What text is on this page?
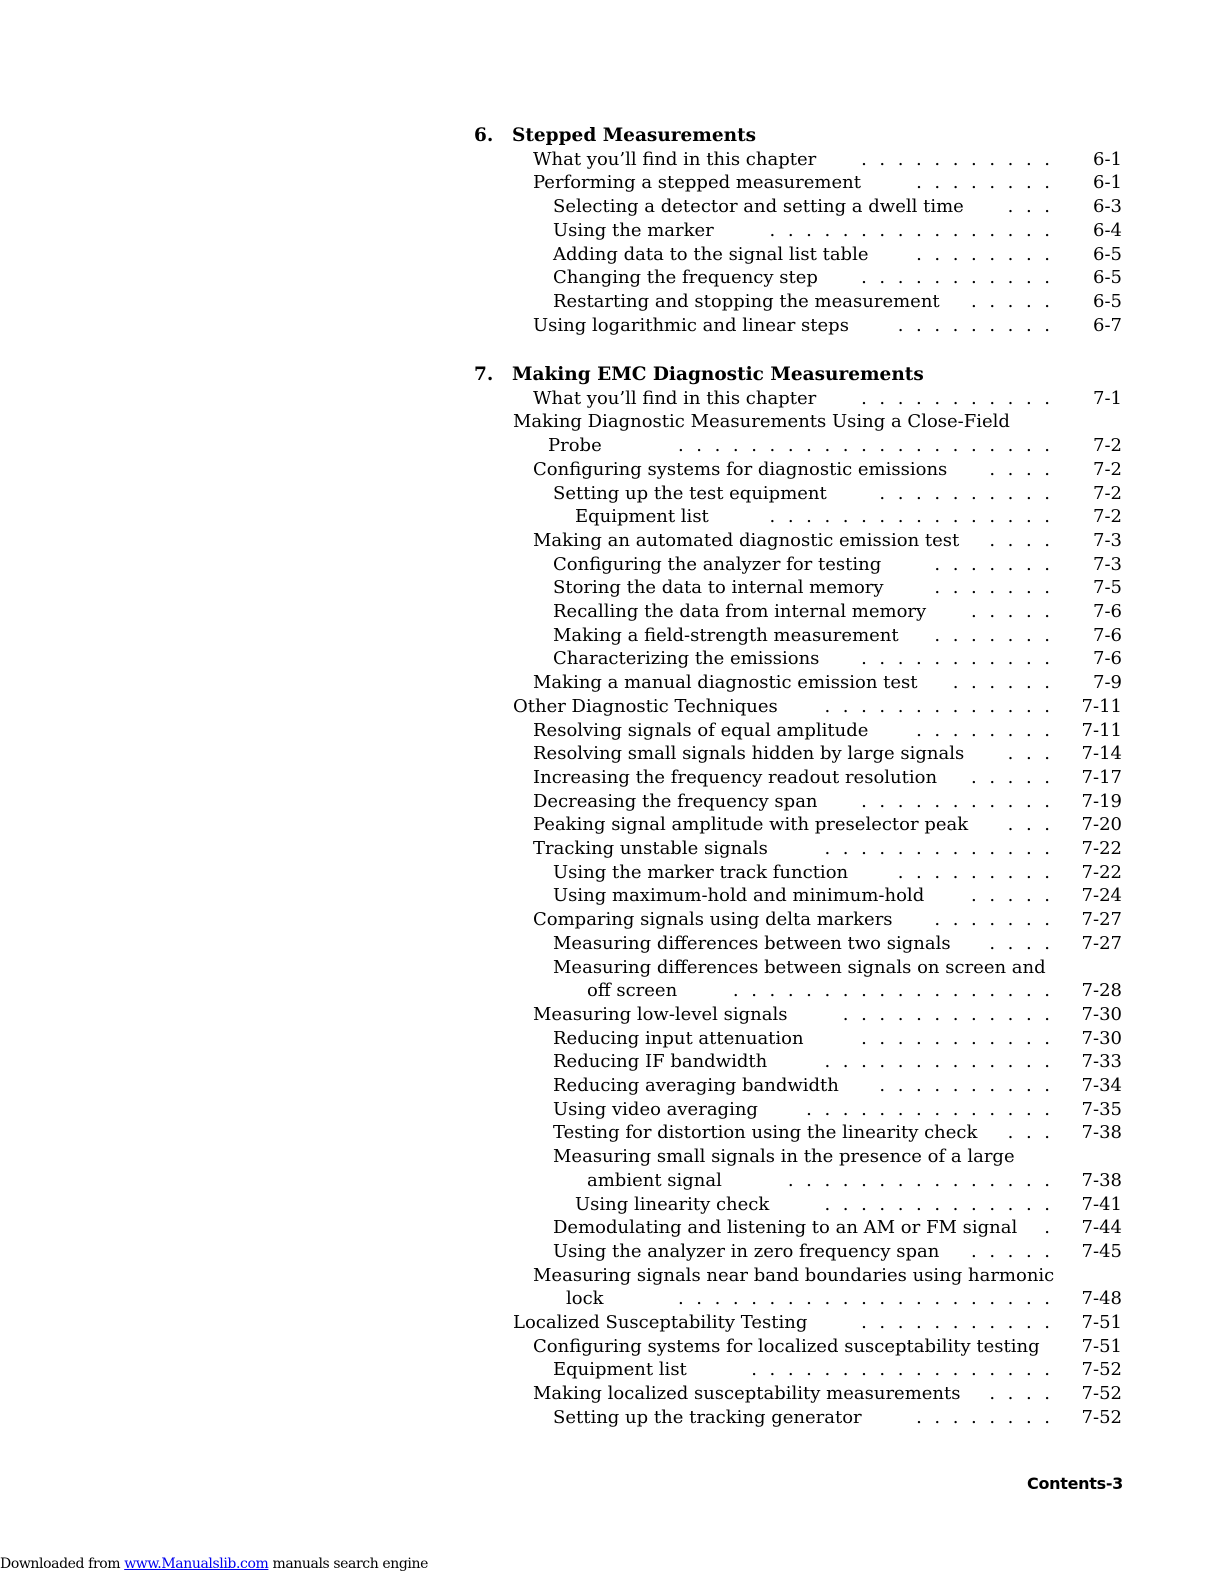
6. Stepped Measurements
What you’ll find in this chapter	6-1
.  .  .  .  .  .  .  .  .  .  .
Performing a stepped measurement	6-1
.  .  .  .  .  .  .  .
Selecting a detector and setting a dwell time	6-3
.  .  .
Using the marker	6-4
.  .  .  .  .  .  .  .  .  .  .  .  .  .  .  .
Adding data to the signal list table	6-5
.  .  .  .  .  .  .  .
Changing the frequency step	6-5
.  .  .  .  .  .  .  .  .  .  .
Restarting and stopping the measurement	6-5
.  .  .  .  .
Using logarithmic and linear steps	6-7
.  .  .  .  .  .  .  .  .
7. Making EMC Diagnostic Measurements
What you’ll find in this chapter	7-1
.  .  .  .  .  .  .  .  .  .  .
Making Diagnostic Measurements Using a Close-Field
Probe	7-2
.  .  .  .  .  .  .  .  .  .  .  .  .  .  .  .  .  .  .  .  .
Configuring systems for diagnostic emissions	7-2
.  .  .  .
Setting up the test equipment	7-2
.  .  .  .  .  .  .  .  .  .
Equipment list	7-2
.  .  .  .  .  .  .  .  .  .  .  .  .  .  .  .
Making an automated diagnostic emission test	7-3
.  .  .  .
Configuring the analyzer for testing	7-3
.  .  .  .  .  .  .
Storing the data to internal memory	7-5
.  .  .  .  .  .  .
Recalling the data from internal memory	7-6
.  .  .  .  .
Making a field-strength measurement	7-6
.  .  .  .  .  .  .
Characterizing the emissions	7-6
.  .  .  .  .  .  .  .  .  .  .
Making a manual diagnostic emission test	7-9
.  .  .  .  .  .
Other Diagnostic Techniques	7-11
.  .  .  .  .  .  .  .  .  .  .  .  .
Resolving signals of equal amplitude	7-11
.  .  .  .  .  .  .  .
Resolving small signals hidden by large signals	7-14
.  .  .
Increasing the frequency readout resolution	7-17
.  .  .  .  .
Decreasing the frequency span	7-19
.  .  .  .  .  .  .  .  .  .  .
Peaking signal amplitude with preselector peak	7-20
.  .  .
Tracking unstable signals	7-22
.  .  .  .  .  .  .  .  .  .  .  .  .
Using the marker track function	7-22
.  .  .  .  .  .  .  .  .
Using maximum-hold and minimum-hold	7-24
.  .  .  .  .
Comparing signals using delta markers	7-27
.  .  .  .  .  .  .
Measuring differences between two signals	7-27
.  .  .  .
Measuring differences between signals on screen and
off screen	7-28
.  .  .  .  .  .  .  .  .  .  .  .  .  .  .  .  .  .
Measuring low-level signals	7-30
.  .  .  .  .  .  .  .  .  .  .  .
Reducing input attenuation	7-30
.  .  .  .  .  .  .  .  .  .  .
Reducing IF bandwidth	7-33
.  .  .  .  .  .  .  .  .  .  .  .  .
Reducing averaging bandwidth	7-34
.  .  .  .  .  .  .  .  .  .
Using video averaging	7-35
.  .  .  .  .  .  .  .  .  .  .  .  .  .
Testing for distortion using the linearity check	7-38
.  .  .
Measuring small signals in the presence of a large
ambient signal	7-38
.  .  .  .  .  .  .  .  .  .  .  .  .  .  .
Using linearity check	7-41
.  .  .  .  .  .  .  .  .  .  .  .  .
Demodulating and listening to an AM or FM signal	7-44
.
Using the analyzer in zero frequency span	7-45
.  .  .  .  .
Measuring signals near band boundaries using harmonic
lock	7-48
.  .  .  .  .  .  .  .  .  .  .  .  .  .  .  .  .  .  .  .  .
Localized Susceptability Testing	7-51
.  .  .  .  .  .  .  .  .  .  .
Configuring systems for localized susceptability testing	7-51
Equipment list	7-52
.  .  .  .  .  .  .  .  .  .  .  .  .  .  .  .  .
Making localized susceptability measurements	7-52
.  .  .  .
Setting up the tracking generator	7-52
.  .  .  .  .  .  .  .
Contents-3
Downloaded from www.Manualslib.com manuals search engine
